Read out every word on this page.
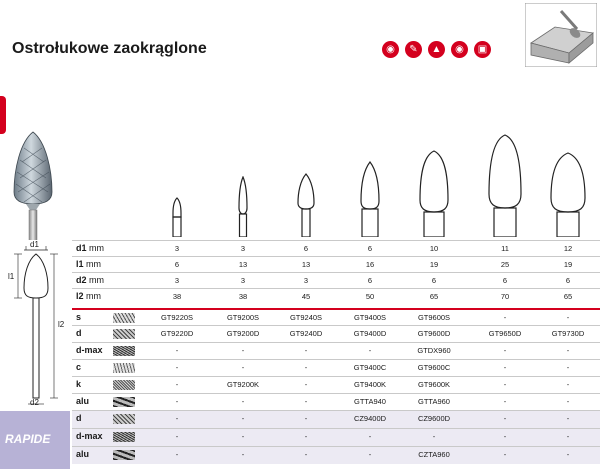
Ostrołukowe zaokrąglone	◉	✎	▲	◉	▣
d1
l1
l2
d2
RAPIDE
d1 mm	3	3	6	6	10	11	12
l1 mm	6	13	13	16	19	25	19
d2 mm	3	3	3	6	6	6	6
l2 mm	38	38	45	50	65	70	65
s	GT9220S	GT9200S	GT9240S	GT9400S	GT9600S	-	-
d	GT9220D	GT9200D	GT9240D	GT9400D	GT9600D	GT9650D	GT9730D
d-max	-	-	-	-	GTDX960	-	-
c	-	-	-	GT9400C	GT9600C	-	-
k	-	GT9200K	-	GT9400K	GT9600K	-	-
alu	-	-	-	GTTA940	GTTA960	-	-
d	-	-	-	CZ9400D	CZ9600D	-	-
d-max	-	-	-	-	-	-	-
alu	-	-	-	-	CZTA960	-	-
